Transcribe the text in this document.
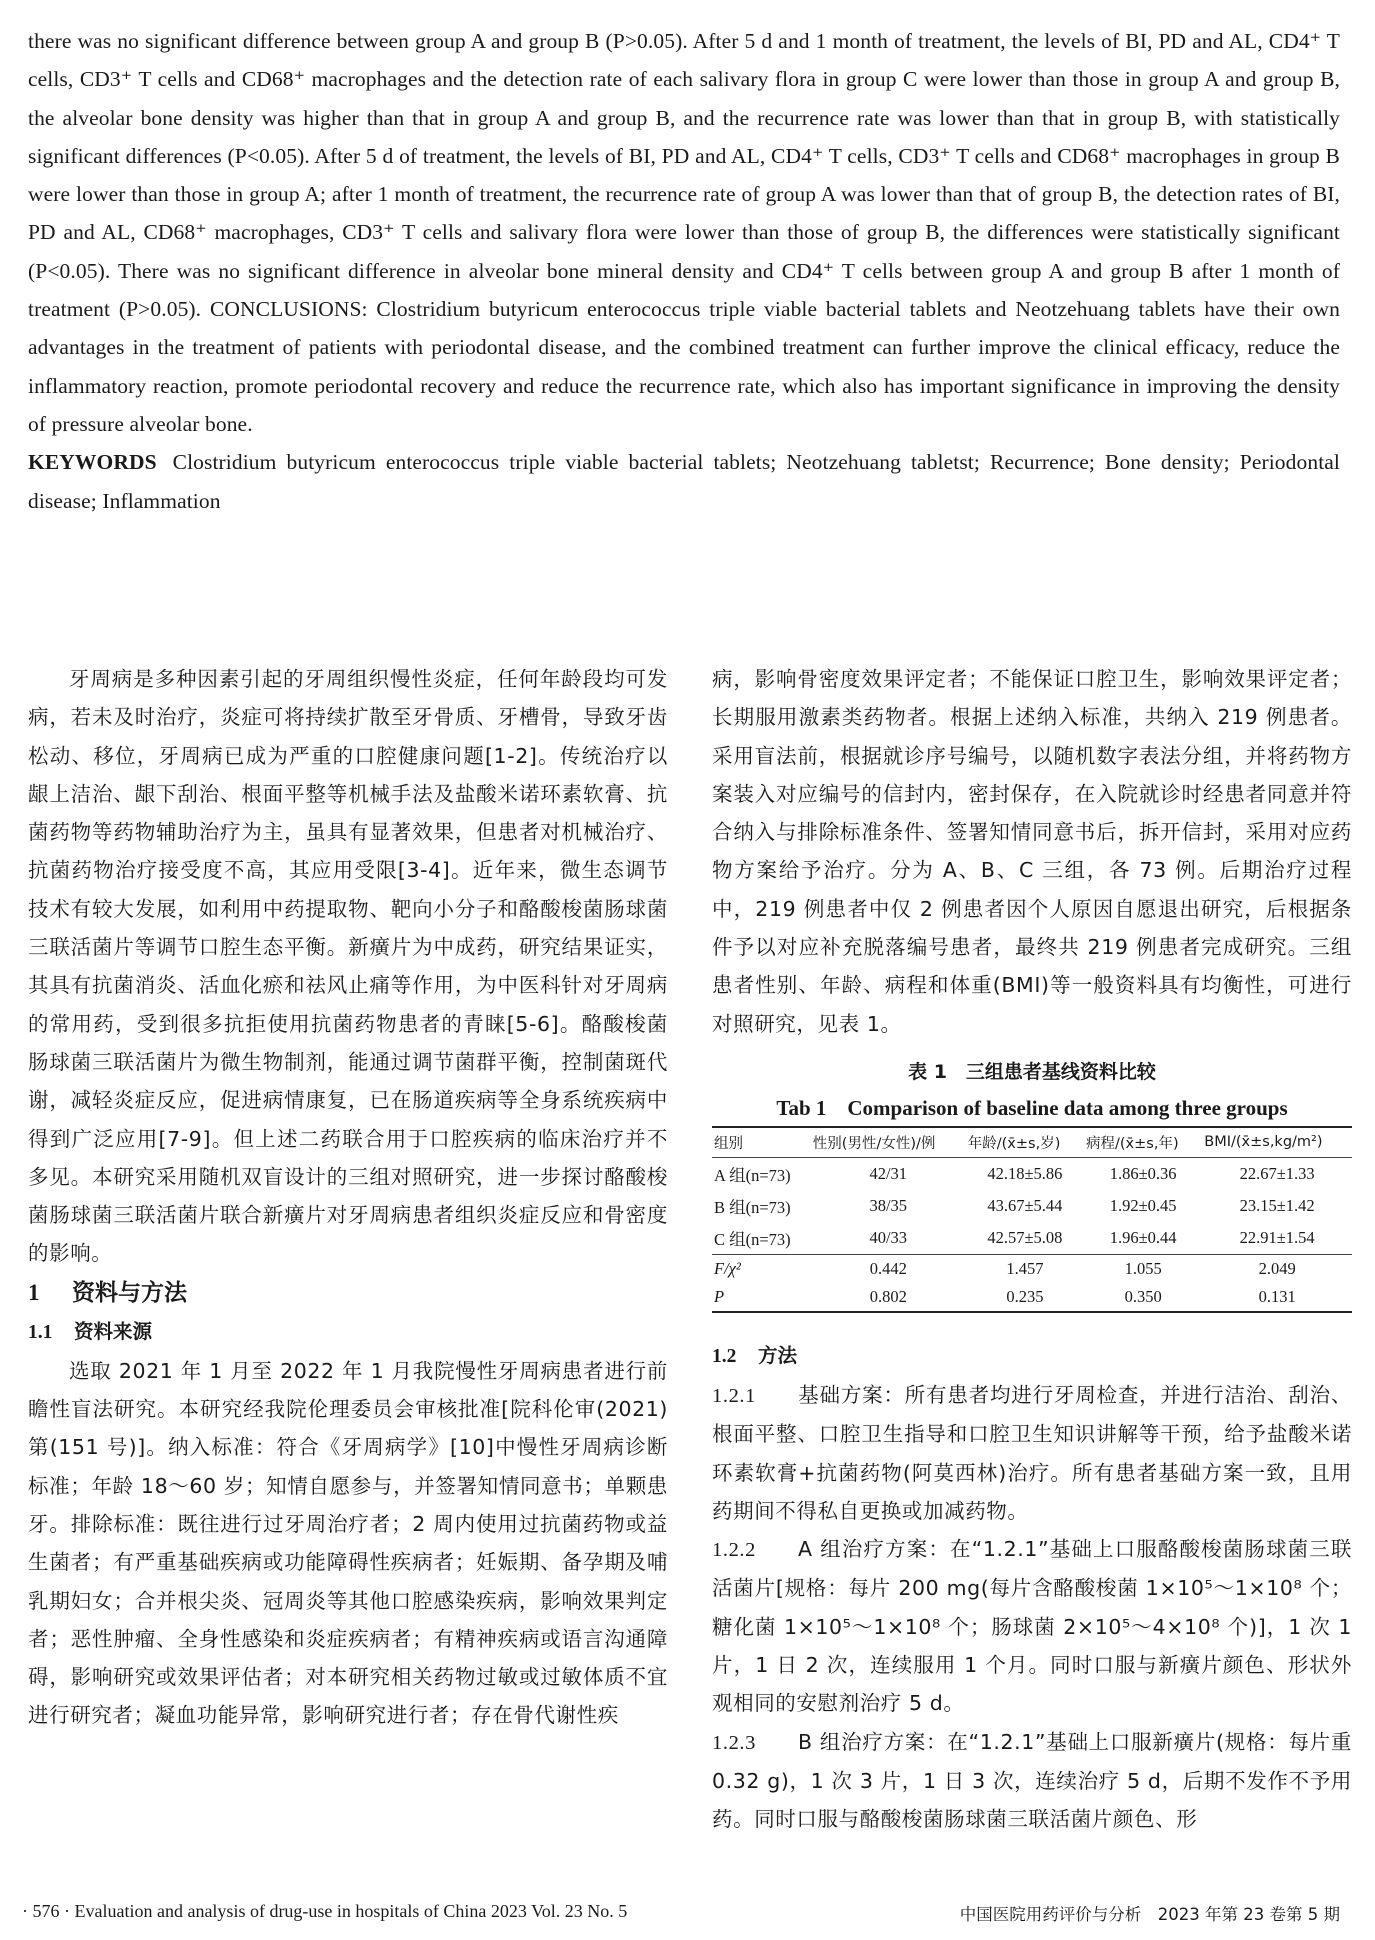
there was no significant difference between group A and group B (P>0.05). After 5 d and 1 month of treatment, the levels of BI, PD and AL, CD4⁺ T cells, CD3⁺ T cells and CD68⁺ macrophages and the detection rate of each salivary flora in group C were lower than those in group A and group B, the alveolar bone density was higher than that in group A and group B, and the recurrence rate was lower than that in group B, with statistically significant differences (P<0.05). After 5 d of treatment, the levels of BI, PD and AL, CD4⁺ T cells, CD3⁺ T cells and CD68⁺ macrophages in group B were lower than those in group A; after 1 month of treatment, the recurrence rate of group A was lower than that of group B, the detection rates of BI, PD and AL, CD68⁺ macrophages, CD3⁺ T cells and salivary flora were lower than those of group B, the differences were statistically significant (P<0.05). There was no significant difference in alveolar bone mineral density and CD4⁺ T cells between group A and group B after 1 month of treatment (P>0.05). CONCLUSIONS: Clostridium butyricum enterococcus triple viable bacterial tablets and Neotzehuang tablets have their own advantages in the treatment of patients with periodontal disease, and the combined treatment can further improve the clinical efficacy, reduce the inflammatory reaction, promote periodontal recovery and reduce the recurrence rate, which also has important significance in improving the density of pressure alveolar bone.

KEYWORDS Clostridium butyricum enterococcus triple viable bacterial tablets; Neotzehuang tabletst; Recurrence; Bone density; Periodontal disease; Inflammation

牙周病是多种因素引起的牙周组织慢性炎症，任何年龄段均可发病，若未及时治疗，炎症可将持续扩散至牙骨质、牙槽骨，导致牙齿松动、移位，牙周病已成为严重的口腔健康问题[1-2]。传统治疗以龈上洁治、龈下刮治、根面平整等机械手法及盐酸米诺环素软膏、抗菌药物等药物辅助治疗为主，虽具有显著效果，但患者对机械治疗、抗菌药物治疗接受度不高，其应用受限[3-4]。近年来，微生态调节技术有较大发展，如利用中药提取物、靶向小分子和酪酸梭菌肠球菌三联活菌片等调节口腔生态平衡。新癀片为中成药，研究结果证实，其具有抗菌消炎、活血化瘀和祛风止痛等作用，为中医科针对牙周病的常用药，受到很多抗拒使用抗菌药物患者的青睐[5-6]。酪酸梭菌肠球菌三联活菌片为微生物制剂，能通过调节菌群平衡，控制菌斑代谢，减轻炎症反应，促进病情康复，已在肠道疾病等全身系统疾病中得到广泛应用[7-9]。但上述二药联合用于口腔疾病的临床治疗并不多见。本研究采用随机双盲设计的三组对照研究，进一步探讨酪酸梭菌肠球菌三联活菌片联合新癀片对牙周病患者组织炎症反应和骨密度的影响。

1 资料与方法
1.1 资料来源

选取 2021 年 1 月至 2022 年 1 月我院慢性牙周病患者进行前瞻性盲法研究。本研究经我院伦理委员会审核批准[院科伦审(2021)第(151 号)]。纳入标准：符合《牙周病学》[10]中慢性牙周病诊断标准；年龄 18～60 岁；知情自愿参与，并签署知情同意书；单颗患牙。排除标准：既往进行过牙周治疗者；2 周内使用过抗菌药物或益生菌者；有严重基础疾病或功能障碍性疾病者；妊娠期、备孕期及哺乳期妇女；合并根尖炎、冠周炎等其他口腔感染疾病，影响效果判定者；恶性肿瘤、全身性感染和炎症疾病者；有精神疾病或语言沟通障碍，影响研究或效果评估者；对本研究相关药物过敏或过敏体质不宜进行研究者；凝血功能异常，影响研究进行者；存在骨代谢性疾

病，影响骨密度效果评定者；不能保证口腔卫生，影响效果评定者；长期服用激素类药物者。根据上述纳入标准，共纳入 219 例患者。采用盲法前，根据就诊序号编号，以随机数字表法分组，并将药物方案装入对应编号的信封内，密封保存，在入院就诊时经患者同意并符合纳入与排除标准条件、签署知情同意书后，拆开信封，采用对应药物方案给予治疗。分为 A、B、C 三组，各 73 例。后期治疗过程中，219 例患者中仅 2 例患者因个人原因自愿退出研究，后根据条件予以对应补充脱落编号患者，最终共 219 例患者完成研究。三组患者性别、年龄、病程和体重(BMI)等一般资料具有均衡性，可进行对照研究，见表 1。

表 1　三组患者基线资料比较
Tab 1　Comparison of baseline data among three groups
组别	性别(男性/女性)/例	年龄/(x̄±s,岁)	病程/(x̄±s,年)	BMI/(x̄±s,kg/m²)
A 组(n=73)	42/31	42.18±5.86	1.86±0.36	22.67±1.33
B 组(n=73)	38/35	43.67±5.44	1.92±0.45	23.15±1.42
C 组(n=73)	40/33	42.57±5.08	1.96±0.44	22.91±1.54
F/χ²	0.442	1.457	1.055	2.049
P	0.802	0.235	0.350	0.131
1.2 方法

1.2.1 基础方案：所有患者均进行牙周检查，并进行洁治、刮治、根面平整、口腔卫生指导和口腔卫生知识讲解等干预，给予盐酸米诺环素软膏+抗菌药物(阿莫西林)治疗。所有患者基础方案一致，且用药期间不得私自更换或加减药物。

1.2.2 A 组治疗方案：在“1.2.1”基础上口服酪酸梭菌肠球菌三联活菌片[规格：每片 200 mg(每片含酪酸梭菌 1×10⁵～1×10⁸ 个；糖化菌 1×10⁵～1×10⁸ 个；肠球菌 2×10⁵～4×10⁸ 个)]，1 次 1 片，1 日 2 次，连续服用 1 个月。同时口服与新癀片颜色、形状外观相同的安慰剂治疗 5 d。

1.2.3 B 组治疗方案：在“1.2.1”基础上口服新癀片(规格：每片重 0.32 g)，1 次 3 片，1 日 3 次，连续治疗 5 d，后期不发作不予用药。同时口服与酪酸梭菌肠球菌三联活菌片颜色、形

· 576 · Evaluation and analysis of drug-use in hospitals of China 2023 Vol. 23 No. 5	中国医院用药评价与分析　2023 年第 23 卷第 5 期
